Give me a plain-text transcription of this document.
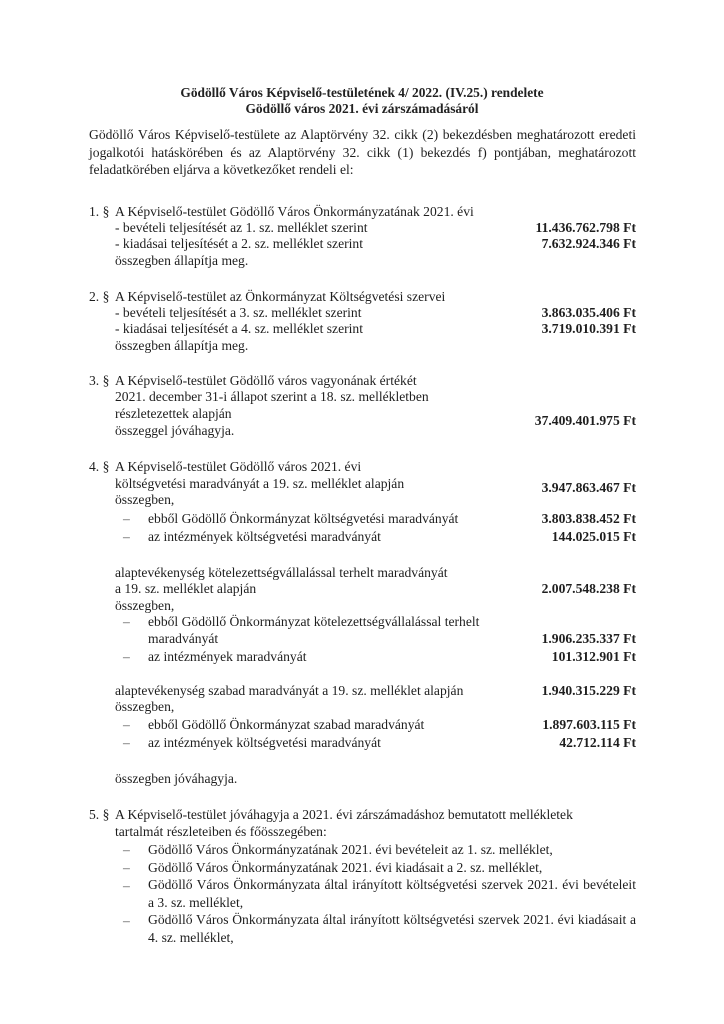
Gödöllő Város Képviselő-testületének 4/ 2022. (IV.25.) rendelete
Gödöllő város 2021. évi zárszámadásáról
Gödöllő Város Képviselő-testülete az Alaptörvény 32. cikk (2) bekezdésben meghatározott eredeti jogalkotói hatáskörében és az Alaptörvény 32. cikk (1) bekezdés f) pontjában, meghatározott feladatkörében eljárva a következőket rendeli el:
1. § A Képviselő-testület Gödöllő Város Önkormányzatának 2021. évi
- bevételi teljesítését az 1. sz. melléklet szerint	11.436.762.798 Ft
- kiadásai teljesítését a 2. sz. melléklet szerint	7.632.924.346 Ft
összegben állapítja meg.
2. § A Képviselő-testület az Önkormányzat Költségvetési szervei
- bevételi teljesítését a 3. sz. melléklet szerint	3.863.035.406 Ft
- kiadásai teljesítését a 4. sz. melléklet szerint	3.719.010.391 Ft
összegben állapítja meg.
3. § A Képviselő-testület Gödöllő város vagyonának értékét
2021. december 31-i állapot szerint a 18. sz. mellékletben
részletezettek alapján	37.409.401.975 Ft
összeggel jóváhagyja.
4. § A Képviselő-testület Gödöllő város 2021. évi
költségvetési maradványát a 19. sz. melléklet alapján	3.947.863.467 Ft
összegben,
– ebből Gödöllő Önkormányzat költségvetési maradványát	3.803.838.452 Ft
– az intézmények költségvetési maradványát	144.025.015 Ft
alaptevékenység kötelezettségvállalással terhelt maradványát
a 19. sz. melléklet alapján	2.007.548.238 Ft
összegben,
– ebből Gödöllő Önkormányzat kötelezettségvállalással terhelt
maradványát	1.906.235.337 Ft
– az intézmények maradványát	101.312.901 Ft
alaptevékenység szabad maradványát a 19. sz. melléklet alapján	1.940.315.229 Ft
összegben,
– ebből Gödöllő Önkormányzat szabad maradványát	1.897.603.115 Ft
– az intézmények költségvetési maradványát	42.712.114 Ft
összegben jóváhagyja.
5. § A Képviselő-testület jóváhagyja a 2021. évi zárszámadáshoz bemutatott mellékletek
tartalmát részleteiben és főösszegében:
– Gödöllő Város Önkormányzatának 2021. évi bevételeit az 1. sz. melléklet,
– Gödöllő Város Önkormányzatának 2021. évi kiadásait a 2. sz. melléklet,
– Gödöllő Város Önkormányzata által irányított költségvetési szervek 2021. évi bevételeit a 3. sz. melléklet,
– Gödöllő Város Önkormányzata által irányított költségvetési szervek 2021. évi kiadásait a 4. sz. melléklet,
